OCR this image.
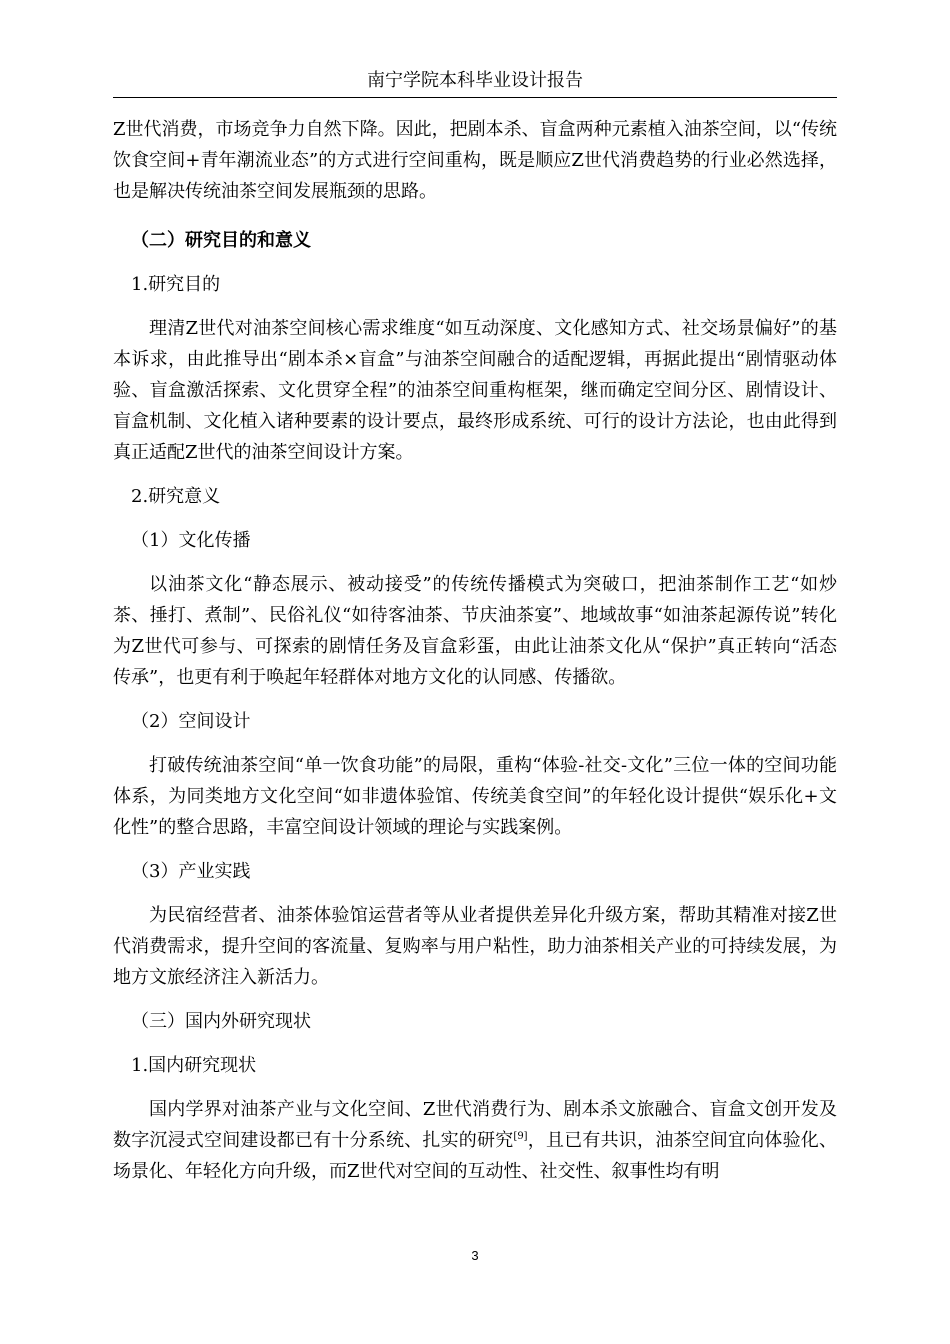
南宁学院本科毕业设计报告

Z世代消费，市场竞争力自然下降。因此，把剧本杀、盲盒两种元素植入油茶空间，以“传统饮食空间+青年潮流业态”的方式进行空间重构，既是顺应Z世代消费趋势的行业必然选择，也是解决传统油茶空间发展瓶颈的思路。

（二）研究目的和意义

1.研究目的

理清Z世代对油茶空间核心需求维度“如互动深度、文化感知方式、社交场景偏好”的基本诉求，由此推导出“剧本杀×盲盒”与油茶空间融合的适配逻辑，再据此提出“剧情驱动体验、盲盒激活探索、文化贯穿全程”的油茶空间重构框架，继而确定空间分区、剧情设计、盲盒机制、文化植入诸种要素的设计要点，最终形成系统、可行的设计方法论，也由此得到真正适配Z世代的油茶空间设计方案。

2.研究意义

（1）文化传播

以油茶文化“静态展示、被动接受”的传统传播模式为突破口，把油茶制作工艺“如炒茶、捶打、煮制”、民俗礼仪“如待客油茶、节庆油茶宴”、地域故事“如油茶起源传说”转化为Z世代可参与、可探索的剧情任务及盲盒彩蛋，由此让油茶文化从“保护”真正转向“活态传承”，也更有利于唤起年轻群体对地方文化的认同感、传播欲。

（2）空间设计

打破传统油茶空间“单一饮食功能”的局限，重构“体验-社交-文化”三位一体的空间功能体系，为同类地方文化空间“如非遗体验馆、传统美食空间”的年轻化设计提供“娱乐化+文化性”的整合思路，丰富空间设计领域的理论与实践案例。

（3）产业实践

为民宿经营者、油茶体验馆运营者等从业者提供差异化升级方案，帮助其精准对接Z世代消费需求，提升空间的客流量、复购率与用户粘性，助力油茶相关产业的可持续发展，为地方文旅经济注入新活力。

（三）国内外研究现状

1.国内研究现状

国内学界对油茶产业与文化空间、Z世代消费行为、剧本杀文旅融合、盲盒文创开发及数字沉浸式空间建设都已有十分系统、扎实的研究[9]，且已有共识，油茶空间宜向体验化、场景化、年轻化方向升级，而Z世代对空间的互动性、社交性、叙事性均有明

3
